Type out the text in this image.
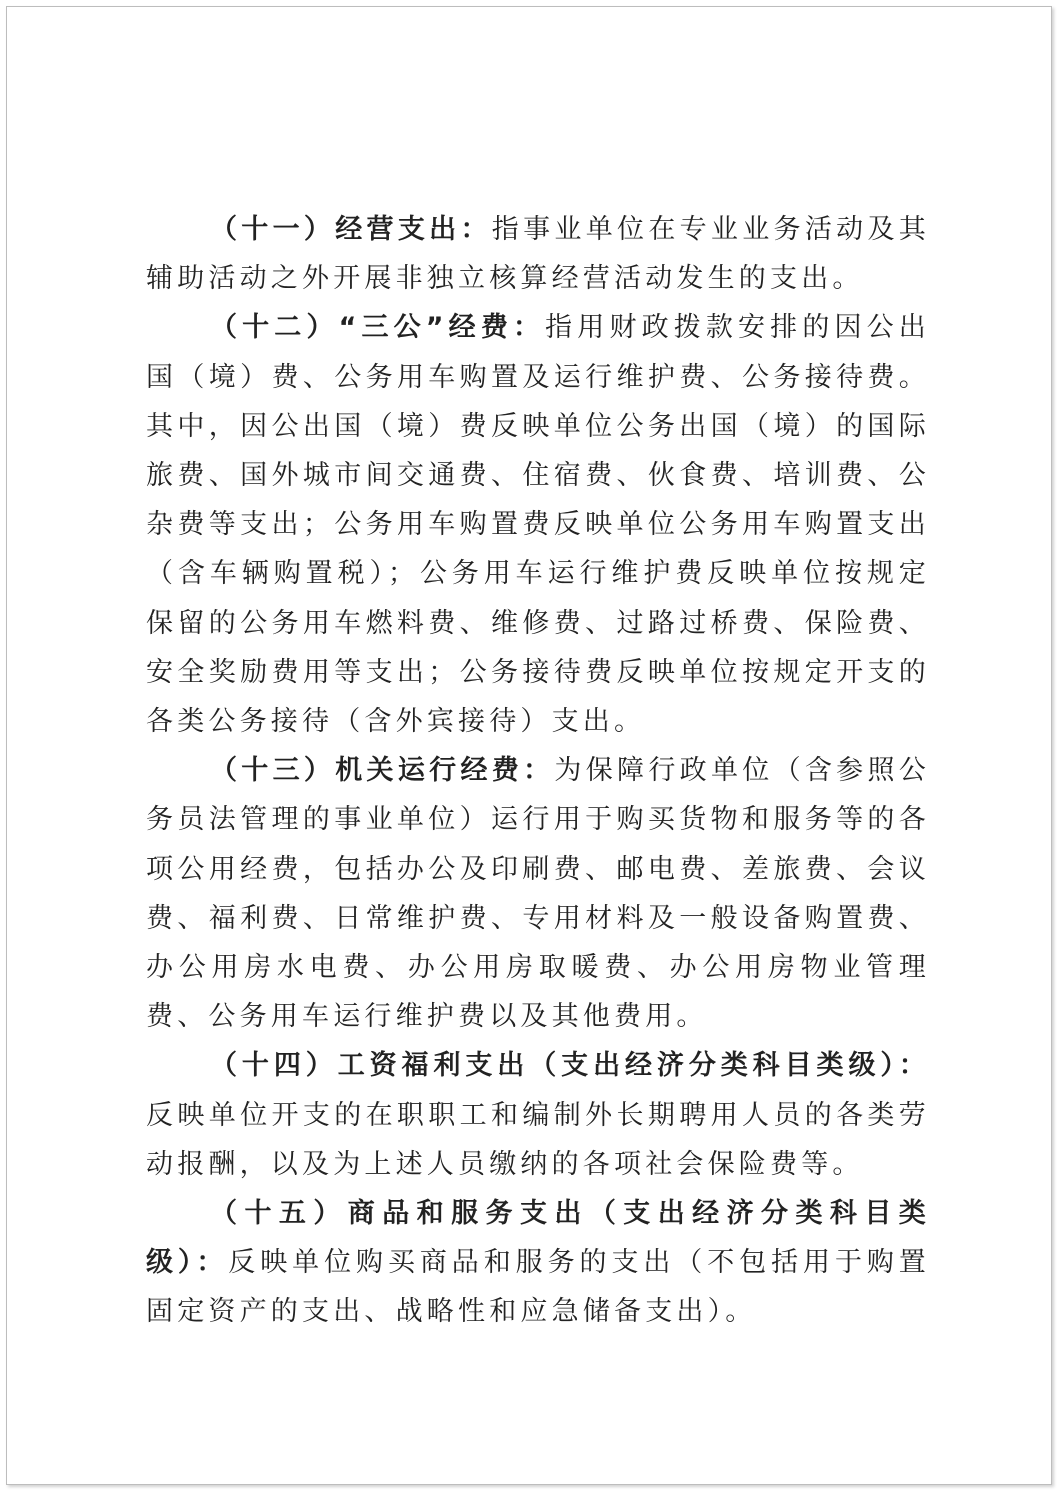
（十一）经营支出：指事业单位在专业业务活动及其辅助活动之外开展非独立核算经营活动发生的支出。

（十二）“三公”经费：指用财政拨款安排的因公出国（境）费、公务用车购置及运行维护费、公务接待费。其中，因公出国（境）费反映单位公务出国（境）的国际旅费、国外城市间交通费、住宿费、伙食费、培训费、公杂费等支出；公务用车购置费反映单位公务用车购置支出（含车辆购置税）；公务用车运行维护费反映单位按规定保留的公务用车燃料费、维修费、过路过桥费、保险费、安全奖励费用等支出；公务接待费反映单位按规定开支的各类公务接待（含外宾接待）支出。

（十三）机关运行经费：为保障行政单位（含参照公务员法管理的事业单位）运行用于购买货物和服务等的各项公用经费，包括办公及印刷费、邮电费、差旅费、会议费、福利费、日常维护费、专用材料及一般设备购置费、办公用房水电费、办公用房取暖费、办公用房物业管理费、公务用车运行维护费以及其他费用。

（十四）工资福利支出（支出经济分类科目类级）：反映单位开支的在职职工和编制外长期聘用人员的各类劳动报酬，以及为上述人员缴纳的各项社会保险费等。

（十五）商品和服务支出（支出经济分类科目类级）：反映单位购买商品和服务的支出（不包括用于购置固定资产的支出、战略性和应急储备支出）。
